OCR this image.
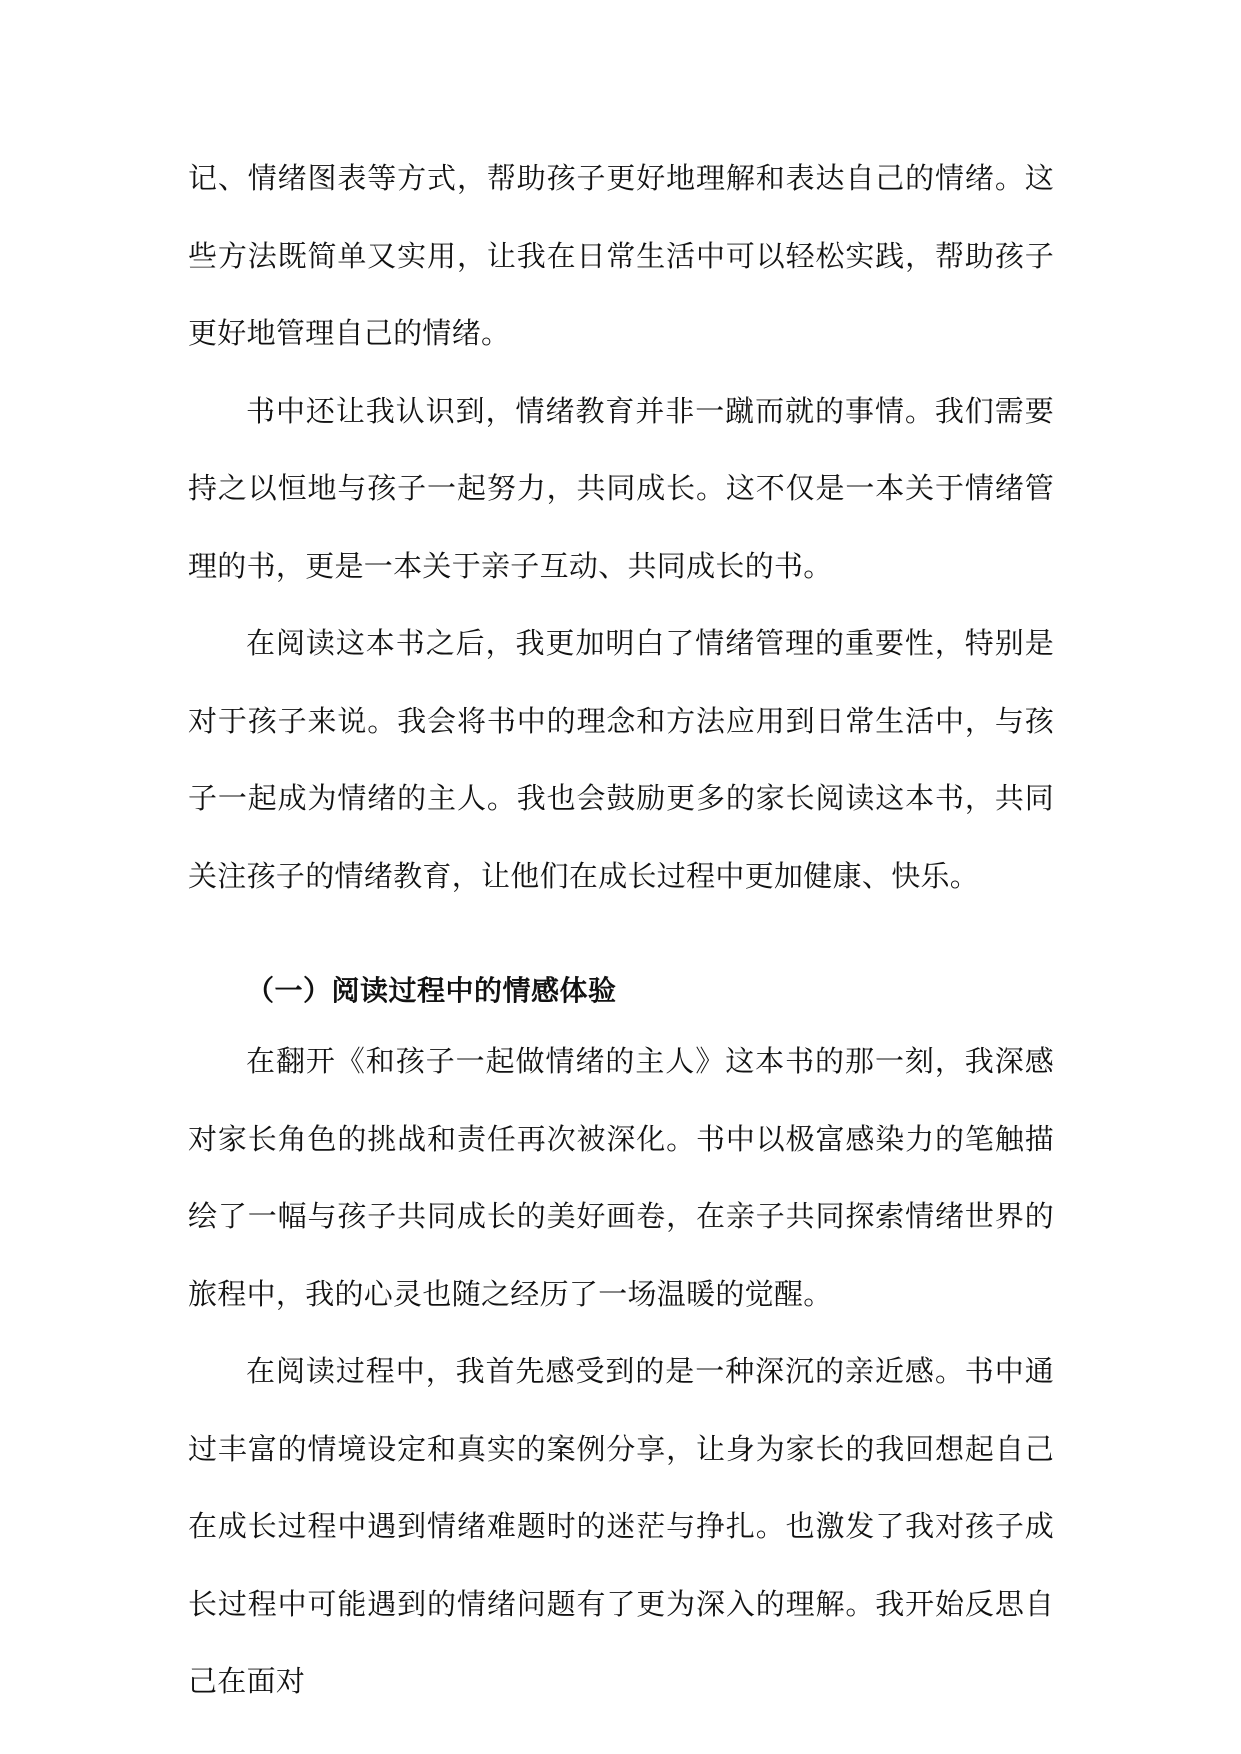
记、情绪图表等方式，帮助孩子更好地理解和表达自己的情绪。这些方法既简单又实用，让我在日常生活中可以轻松实践，帮助孩子更好地管理自己的情绪。

书中还让我认识到，情绪教育并非一蹴而就的事情。我们需要持之以恒地与孩子一起努力，共同成长。这不仅是一本关于情绪管理的书，更是一本关于亲子互动、共同成长的书。

在阅读这本书之后，我更加明白了情绪管理的重要性，特别是对于孩子来说。我会将书中的理念和方法应用到日常生活中，与孩子一起成为情绪的主人。我也会鼓励更多的家长阅读这本书，共同关注孩子的情绪教育，让他们在成长过程中更加健康、快乐。

（一）阅读过程中的情感体验

在翻开《和孩子一起做情绪的主人》这本书的那一刻，我深感对家长角色的挑战和责任再次被深化。书中以极富感染力的笔触描绘了一幅与孩子共同成长的美好画卷，在亲子共同探索情绪世界的旅程中，我的心灵也随之经历了一场温暖的觉醒。

在阅读过程中，我首先感受到的是一种深沉的亲近感。书中通过丰富的情境设定和真实的案例分享，让身为家长的我回想起自己在成长过程中遇到情绪难题时的迷茫与挣扎。也激发了我对孩子成长过程中可能遇到的情绪问题有了更为深入的理解。我开始反思自己在面对
